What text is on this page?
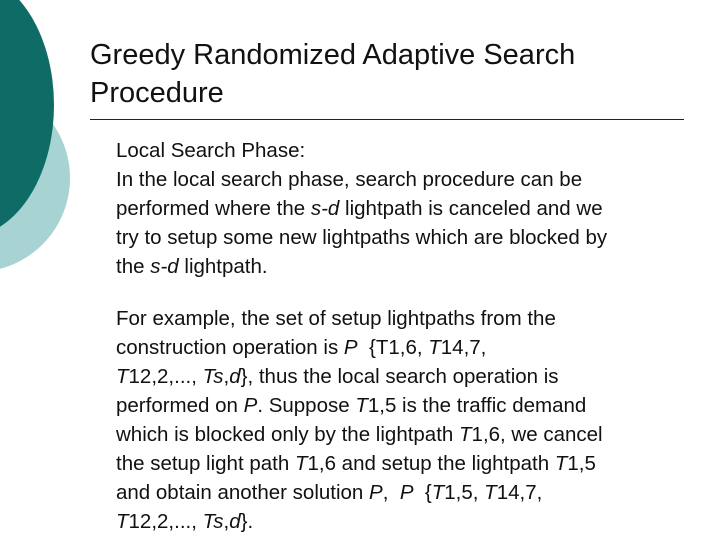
Greedy Randomized Adaptive Search
Procedure

Local Search Phase:
In the local search phase, search procedure can be
performed where the s-d lightpath is canceled and we
try to setup some new lightpaths which are blocked by
the s-d lightpath.

For example, the set of setup lightpaths from the
construction operation is P  {T1,6, T14,7,
T12,2,..., Ts,d}, thus the local search operation is
performed on P. Suppose T1,5 is the traffic demand
which is blocked only by the lightpath T1,6, we cancel
the setup light path T1,6 and setup the lightpath T1,5
and obtain another solution P,  P  {T1,5, T14,7,
T12,2,..., Ts,d}.
